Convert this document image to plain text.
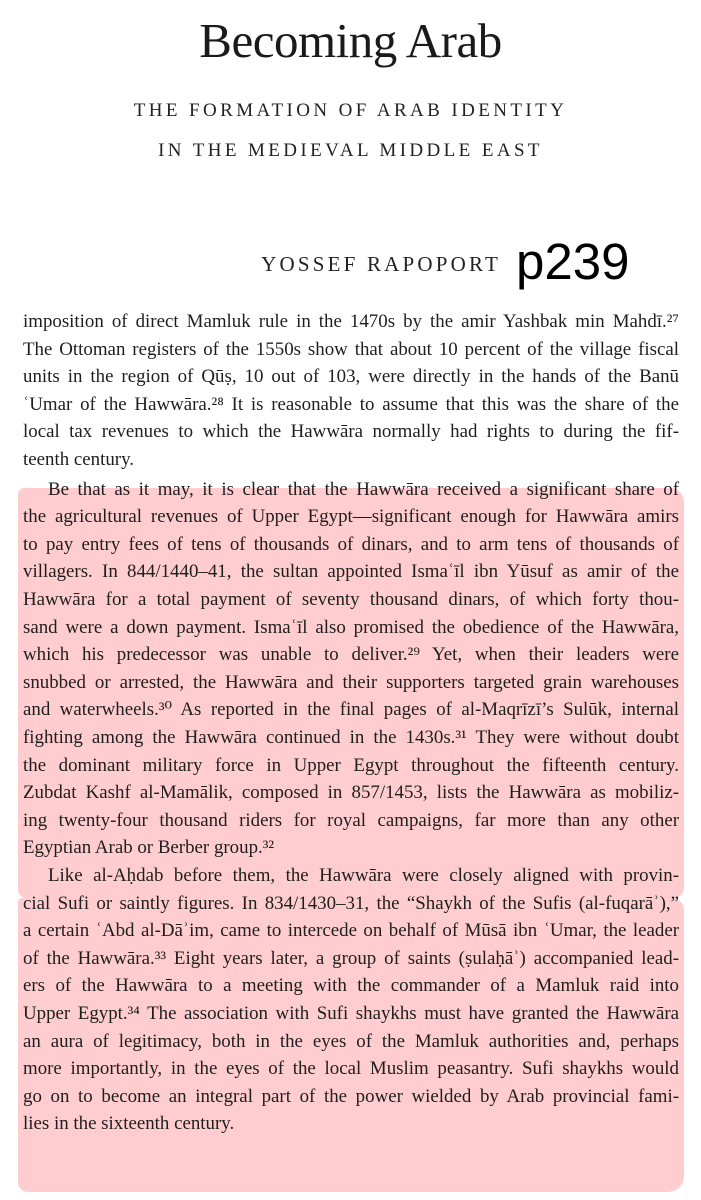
Becoming Arab
THE FORMATION OF ARAB IDENTITY
IN THE MEDIEVAL MIDDLE EAST
YOSSEF RAPOPORT p239
imposition of direct Mamluk rule in the 1470s by the amir Yashbak min Mahdī.²⁷
The Ottoman registers of the 1550s show that about 10 percent of the village fiscal
units in the region of Qūṣ, 10 out of 103, were directly in the hands of the Banū
ʿUmar of the Hawwāra.²⁸ It is reasonable to assume that this was the share of the
local tax revenues to which the Hawwāra normally had rights to during the fif-
teenth century.
Be that as it may, it is clear that the Hawwāra received a significant share of
the agricultural revenues of Upper Egypt—significant enough for Hawwāra amirs
to pay entry fees of tens of thousands of dinars, and to arm tens of thousands of
villagers. In 844/1440–41, the sultan appointed Ismaʿīl ibn Yūsuf as amir of the
Hawwāra for a total payment of seventy thousand dinars, of which forty thou-
sand were a down payment. Ismaʿīl also promised the obedience of the Hawwāra,
which his predecessor was unable to deliver.²⁹ Yet, when their leaders were
snubbed or arrested, the Hawwāra and their supporters targeted grain warehouses
and waterwheels.³⁰ As reported in the final pages of al-Maqrīzī’s Sulūk, internal
fighting among the Hawwāra continued in the 1430s.³¹ They were without doubt
the dominant military force in Upper Egypt throughout the fifteenth century.
Zubdat Kashf al-Mamālik, composed in 857/1453, lists the Hawwāra as mobiliz-
ing twenty-four thousand riders for royal campaigns, far more than any other
Egyptian Arab or Berber group.³²
Like al-Aḥdab before them, the Hawwāra were closely aligned with provin-
cial Sufi or saintly figures. In 834/1430–31, the “Shaykh of the Sufis (al-fuqarāʾ),”
a certain ʿAbd al-Dāʾim, came to intercede on behalf of Mūsā ibn ʿUmar, the leader
of the Hawwāra.³³ Eight years later, a group of saints (ṣulaḥāʾ) accompanied lead-
ers of the Hawwāra to a meeting with the commander of a Mamluk raid into
Upper Egypt.³⁴ The association with Sufi shaykhs must have granted the Hawwāra
an aura of legitimacy, both in the eyes of the Mamluk authorities and, perhaps
more importantly, in the eyes of the local Muslim peasantry. Sufi shaykhs would
go on to become an integral part of the power wielded by Arab provincial fami-
lies in the sixteenth century.
